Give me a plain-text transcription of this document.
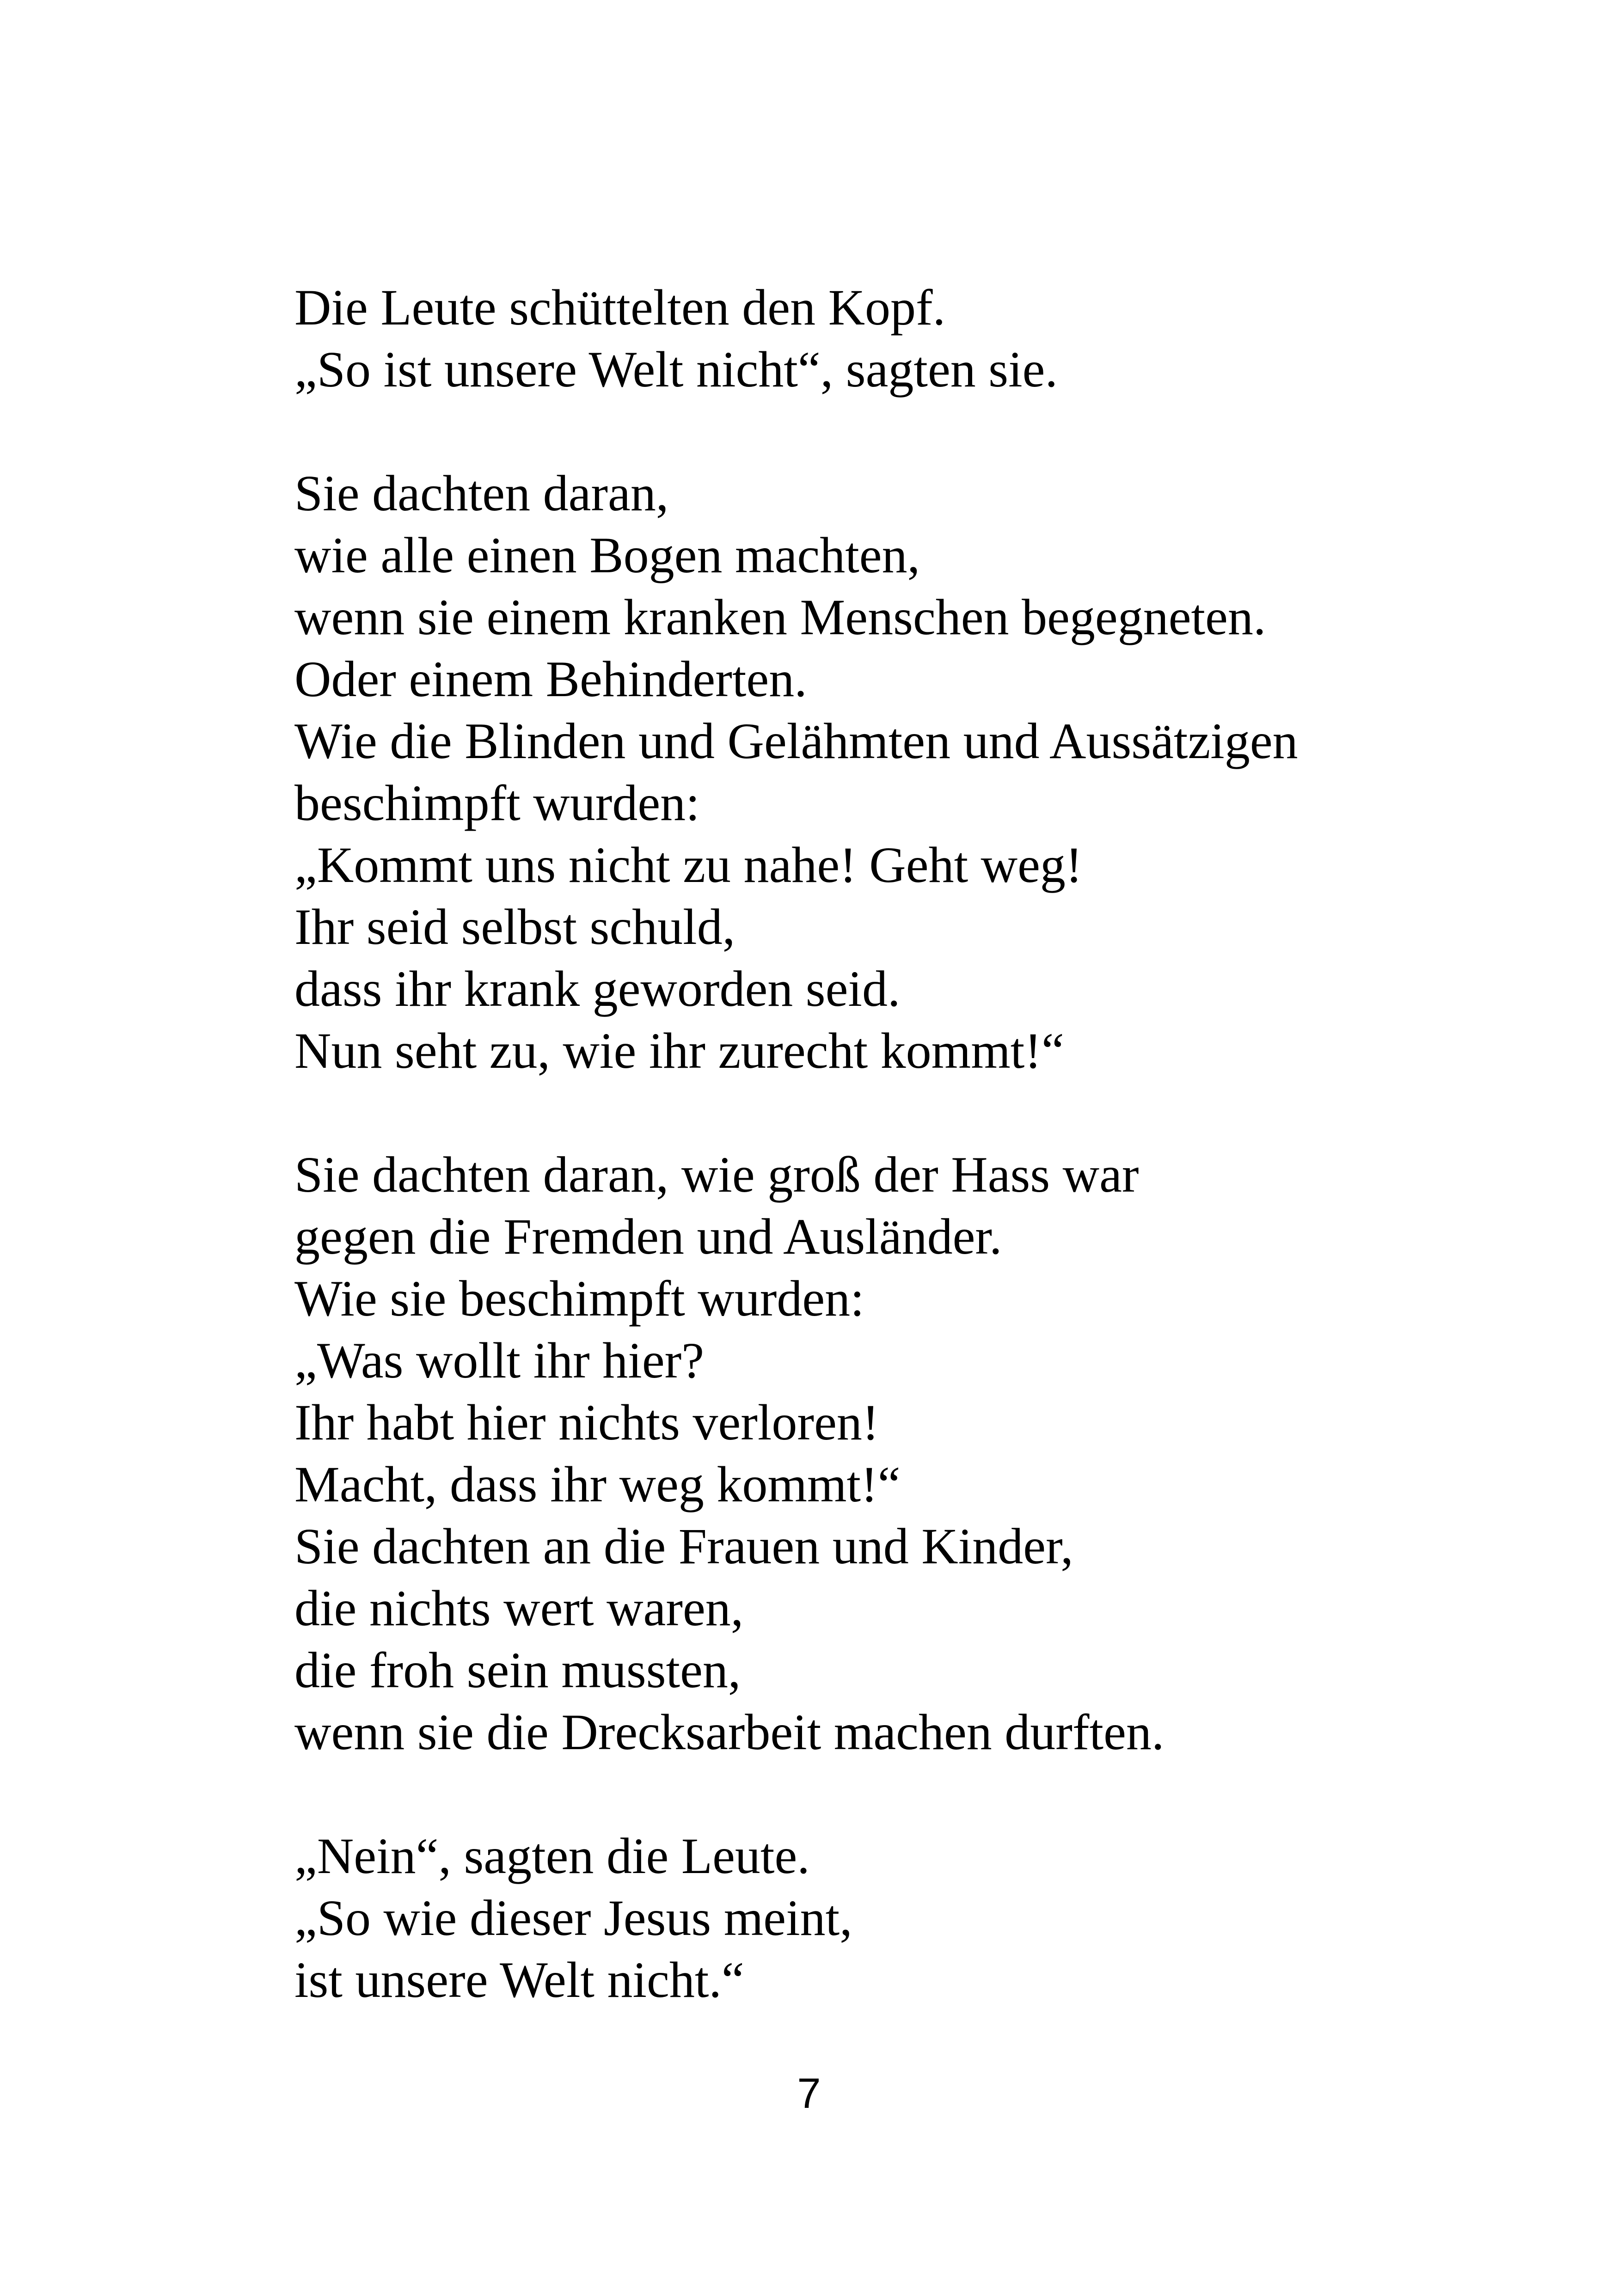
Die Leute schüttelten den Kopf.
„So ist unsere Welt nicht“, sagten sie.
Sie dachten daran,
wie alle einen Bogen machten,
wenn sie einem kranken Menschen begegneten.
Oder einem Behinderten.
Wie die Blinden und Gelähmten und Aussätzigen
beschimpft wurden:
„Kommt uns nicht zu nahe! Geht weg!
Ihr seid selbst schuld,
dass ihr krank geworden seid.
Nun seht zu, wie ihr zurecht kommt!“
Sie dachten daran, wie groß der Hass war
gegen die Fremden und Ausländer.
Wie sie beschimpft wurden:
„Was wollt ihr hier?
Ihr habt hier nichts verloren!
Macht, dass ihr weg kommt!“
Sie dachten an die Frauen und Kinder,
die nichts wert waren,
die froh sein mussten,
wenn sie die Drecksarbeit machen durften.
„Nein“, sagten die Leute.
„So wie dieser Jesus meint,
ist unsere Welt nicht.“
7
